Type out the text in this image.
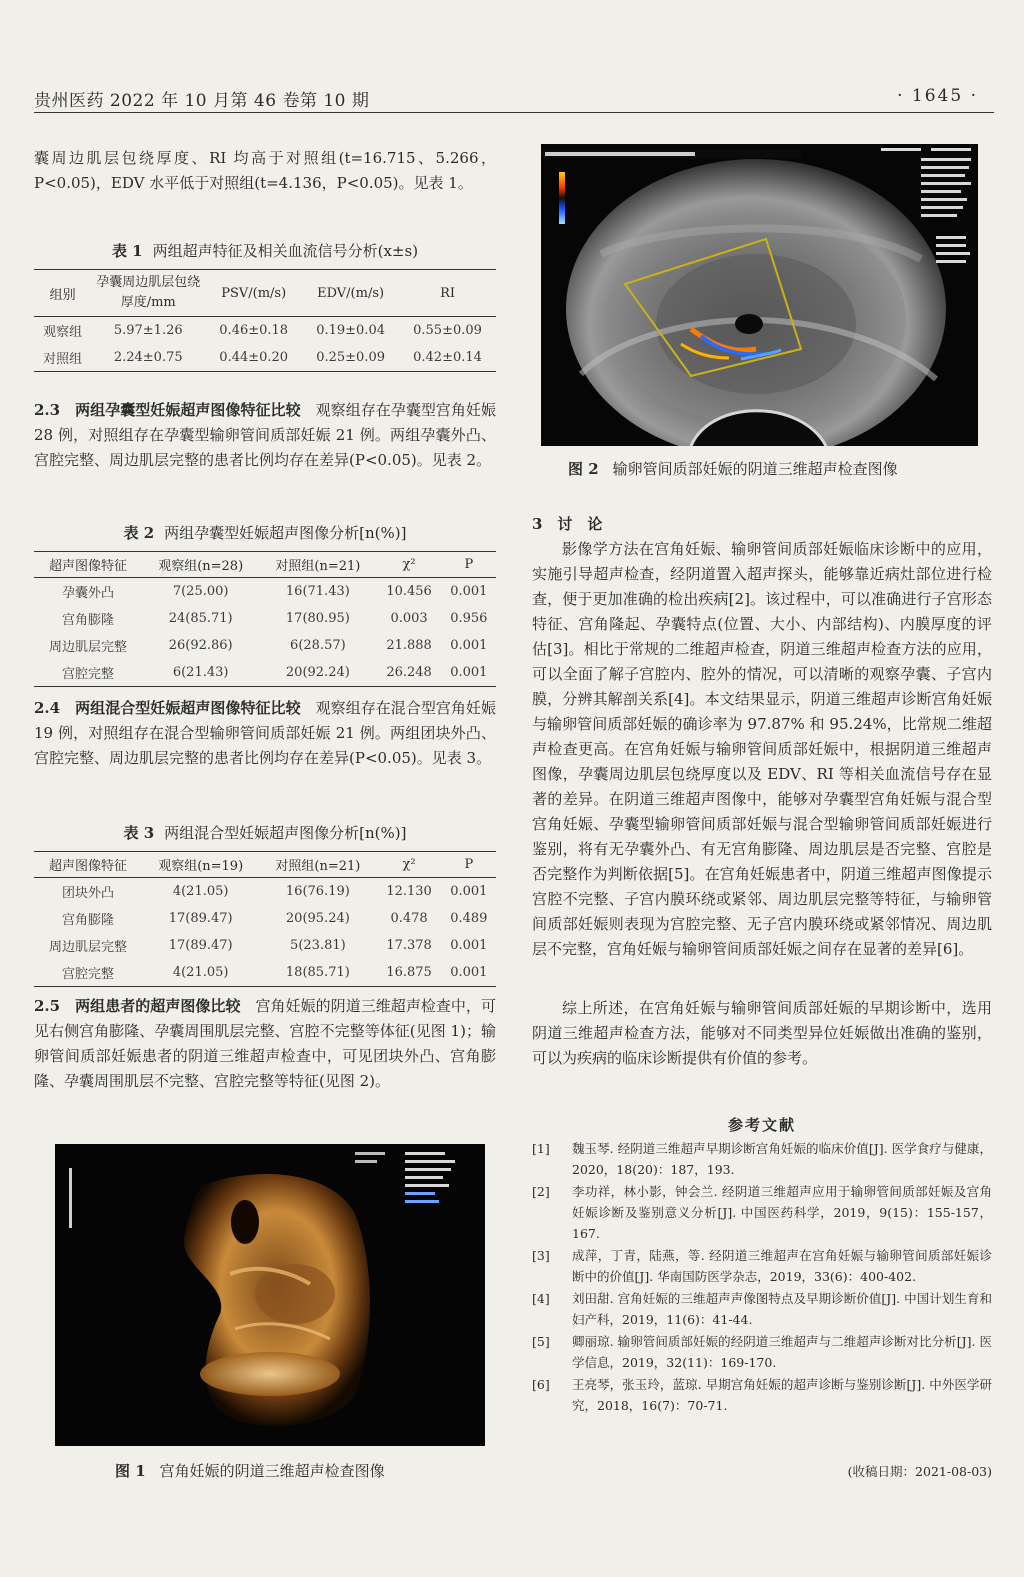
贵州医药 2022 年 10 月第 46 卷第 10 期	· 1645 ·

囊周边肌层包绕厚度、RI 均高于对照组(t=16.715、5.266，P<0.05)，EDV 水平低于对照组(t=4.136，P<0.05)。见表 1。

表 1 两组超声特征及相关血流信号分析(x±s)

组别	孕囊周边肌层包绕厚度/mm	PSV/(m/s)	EDV/(m/s)	RI
观察组	5.97±1.26	0.46±0.18	0.19±0.04	0.55±0.09
对照组	2.24±0.75	0.44±0.20	0.25±0.09	0.42±0.14

2.3　两组孕囊型妊娠超声图像特征比较　 观察组存在孕囊型宫角妊娠 28 例，对照组存在孕囊型输卵管间质部妊娠 21 例。两组孕囊外凸、宫腔完整、周边肌层完整的患者比例均存在差异(P<0.05)。见表 2。

表 2 两组孕囊型妊娠超声图像分析[n(%)]

超声图像特征	观察组(n=28)	对照组(n=21)	χ²	P
孕囊外凸	7(25.00)	16(71.43)	10.456	0.001
宫角膨隆	24(85.71)	17(80.95)	0.003	0.956
周边肌层完整	26(92.86)	6(28.57)	21.888	0.001
宫腔完整	6(21.43)	20(92.24)	26.248	0.001

2.4　两组混合型妊娠超声图像特征比较　 观察组存在混合型宫角妊娠 19 例，对照组存在混合型输卵管间质部妊娠 21 例。两组团块外凸、宫腔完整、周边肌层完整的患者比例均存在差异(P<0.05)。见表 3。

表 3 两组混合型妊娠超声图像分析[n(%)]

超声图像特征	观察组(n=19)	对照组(n=21)	χ²	P
团块外凸	4(21.05)	16(76.19)	12.130	0.001
宫角膨隆	17(89.47)	20(95.24)	0.478	0.489
周边肌层完整	17(89.47)	5(23.81)	17.378	0.001
宫腔完整	4(21.05)	18(85.71)	16.875	0.001

2.5　两组患者的超声图像比较　 宫角妊娠的阴道三维超声检查中，可见右侧宫角膨隆、孕囊周围肌层完整、宫腔不完整等体征(见图 1)；输卵管间质部妊娠患者的阴道三维超声检查中，可见团块外凸、宫角膨隆、孕囊周围肌层不完整、宫腔完整等特征(见图 2)。

图 1 宫角妊娠的阴道三维超声检查图像
图 2 输卵管间质部妊娠的阴道三维超声检查图像
3　讨　论

影像学方法在宫角妊娠、输卵管间质部妊娠临床诊断中的应用，实施引导超声检查，经阴道置入超声探头，能够靠近病灶部位进行检查，便于更加准确的检出疾病[2]。该过程中，可以准确进行子宫形态特征、宫角隆起、孕囊特点(位置、大小、内部结构)、内膜厚度的评估[3]。相比于常规的二维超声检查，阴道三维超声检查方法的应用，可以全面了解子宫腔内、腔外的情况，可以清晰的观察孕囊、子宫内膜，分辨其解剖关系[4]。本文结果显示，阴道三维超声诊断宫角妊娠与输卵管间质部妊娠的确诊率为 97.87% 和 95.24%，比常规二维超声检查更高。在宫角妊娠与输卵管间质部妊娠中，根据阴道三维超声图像，孕囊周边肌层包绕厚度以及 EDV、RI 等相关血流信号存在显著的差异。在阴道三维超声图像中，能够对孕囊型宫角妊娠与混合型宫角妊娠、孕囊型输卵管间质部妊娠与混合型输卵管间质部妊娠进行鉴别，将有无孕囊外凸、有无宫角膨隆、周边肌层是否完整、宫腔是否完整作为判断依据[5]。在宫角妊娠患者中，阴道三维超声图像提示宫腔不完整、子宫内膜环绕或紧邻、周边肌层完整等特征，与输卵管间质部妊娠则表现为宫腔完整、无子宫内膜环绕或紧邻情况、周边肌层不完整，宫角妊娠与输卵管间质部妊娠之间存在显著的差异[6]。

综上所述，在宫角妊娠与输卵管间质部妊娠的早期诊断中，选用阴道三维超声检查方法，能够对不同类型异位妊娠做出准确的鉴别，可以为疾病的临床诊断提供有价值的参考。

参考文献
[1]	魏玉琴. 经阴道三维超声早期诊断宫角妊娠的临床价值[J]. 医学食疗与健康，2020，18(20)：187，193.
[2]	李功祥，林小影，钟会兰. 经阴道三维超声应用于输卵管间质部妊娠及宫角妊娠诊断及鉴别意义分析[J]. 中国医药科学，2019，9(15)：155-157，167.
[3]	成萍，丁青，陆燕，等. 经阴道三维超声在宫角妊娠与输卵管间质部妊娠诊断中的价值[J]. 华南国防医学杂志，2019，33(6)：400-402.
[4]	刘田甜. 宫角妊娠的三维超声声像图特点及早期诊断价值[J]. 中国计划生育和妇产科，2019，11(6)：41-44.
[5]	卿丽琼. 输卵管间质部妊娠的经阴道三维超声与二维超声诊断对比分析[J]. 医学信息，2019，32(11)：169-170.
[6]	王亮琴，张玉玲，蓝琼. 早期宫角妊娠的超声诊断与鉴别诊断[J]. 中外医学研究，2018，16(7)：70-71.
(收稿日期：2021-08-03)
